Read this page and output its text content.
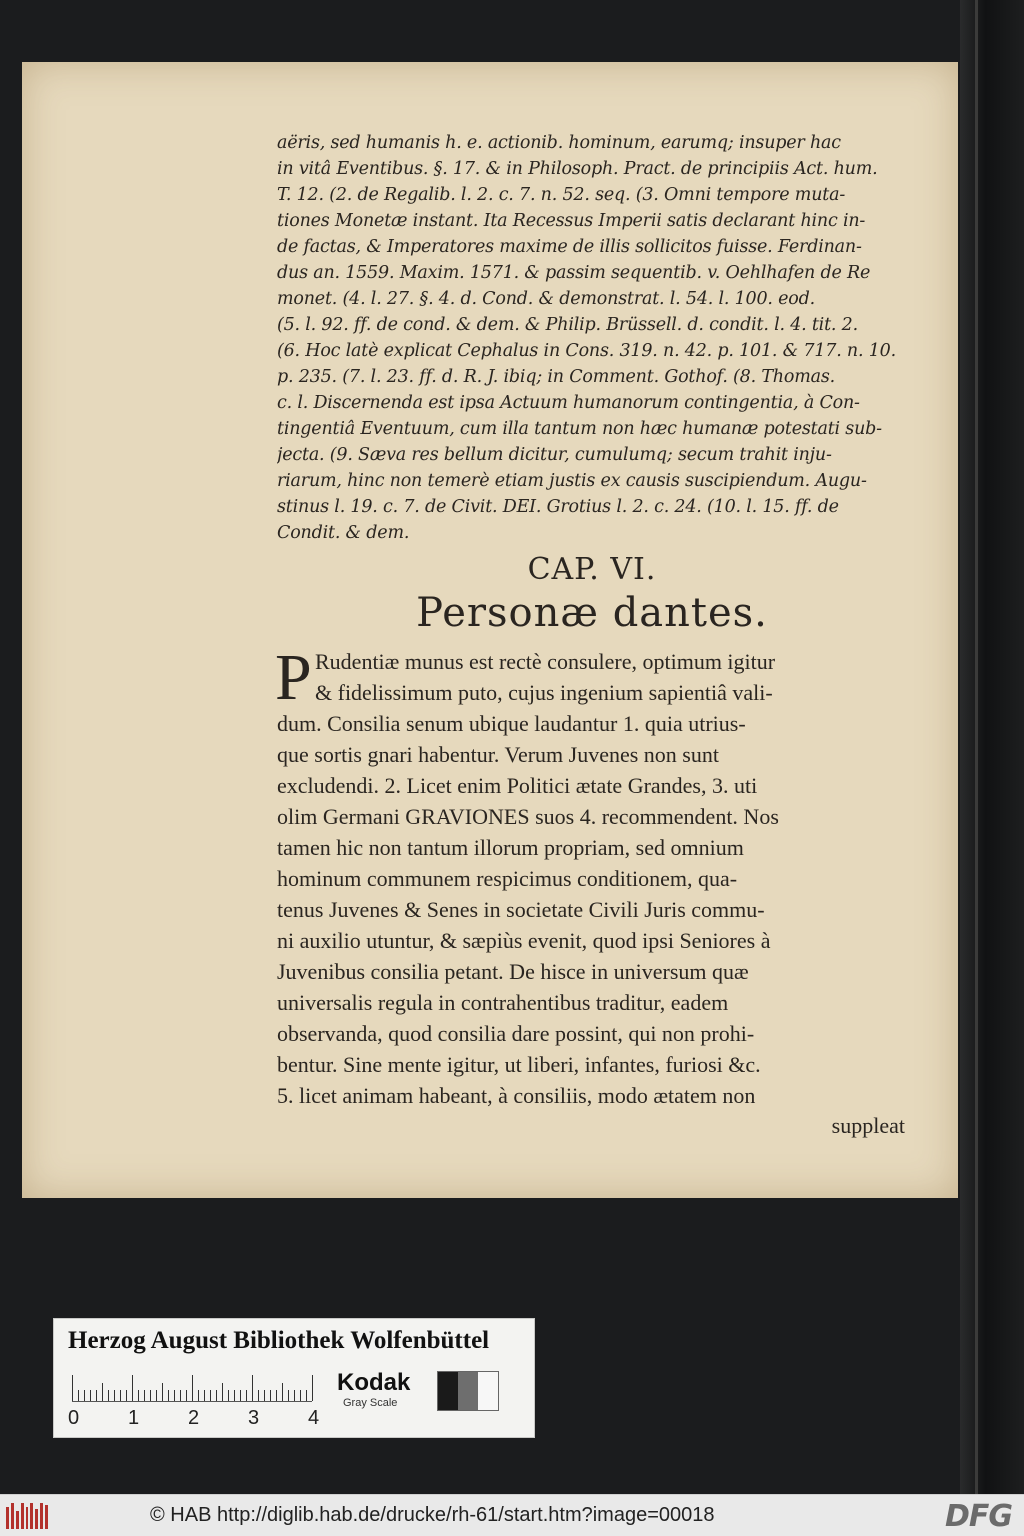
aëris, sed humanis h. e. actionib. hominum, earumq; insuper hac
in vitâ Eventibus. §. 17. & in Philosoph. Pract. de principiis Act. hum.
T. 12. (2. de Regalib. l. 2. c. 7. n. 52. seq. (3. Omni tempore muta-
tiones Monetæ instant. Ita Recessus Imperii satis declarant hinc in-
de factas, & Imperatores maxime de illis sollicitos fuisse. Ferdinan-
dus an. 1559. Maxim. 1571. & passim sequentib. v. Oehlhafen de Re
monet. (4. l. 27. §. 4. d. Cond. & demonstrat. l. 54. l. 100. eod.
(5. l. 92. ff. de cond. & dem. & Philip. Brüssell. d. condit. l. 4. tit. 2.
(6. Hoc latè explicat Cephalus in Cons. 319. n. 42. p. 101. & 717. n. 10.
p. 235. (7. l. 23. ff. d. R. J. ibiq; in Comment. Gothof. (8. Thomas.
c. l. Discernenda est ipsa Actuum humanorum contingentia, à Con-
tingentiâ Eventuum, cum illa tantum non hæc humanæ potestati sub-
jecta. (9. Sæva res bellum dicitur, cumulumq; secum trahit inju-
riarum, hinc non temerè etiam justis ex causis suscipiendum. Augu-
stinus l. 19. c. 7. de Civit. DEI. Grotius l. 2. c. 24. (10. l. 15. ff. de
Condit. & dem.
CAP. VI.
Personæ dantes.
P Rudentiæ munus est rectè consulere, optimum igitur
& fidelissimum puto, cujus ingenium sapientiâ vali-
dum. Consilia senum ubique laudantur 1. quia utrius-
que sortis gnari habentur. Verum Juvenes non sunt
excludendi. 2. Licet enim Politici ætate Grandes, 3. uti
olim Germani GRAVIONES suos 4. recommendent. Nos
tamen hic non tantum illorum propriam, sed omnium
hominum communem respicimus conditionem, qua-
tenus Juvenes & Senes in societate Civili Juris commu-
ni auxilio utuntur, & sæpiùs evenit, quod ipsi Seniores à
Juvenibus consilia petant. De hisce in universum quæ
universalis regula in contrahentibus traditur, eadem
observanda, quod consilia dare possint, qui non prohi-
bentur. Sine mente igitur, ut liberi, infantes, furiosi &c.
5. licet animam habeant, à consiliis, modo ætatem non
suppleat
Herzog August Bibliothek Wolfenbüttel
0 1 2 3 4
Kodak
Gray Scale
© HAB http://diglib.hab.de/drucke/rh-61/start.htm?image=00018	DFG
